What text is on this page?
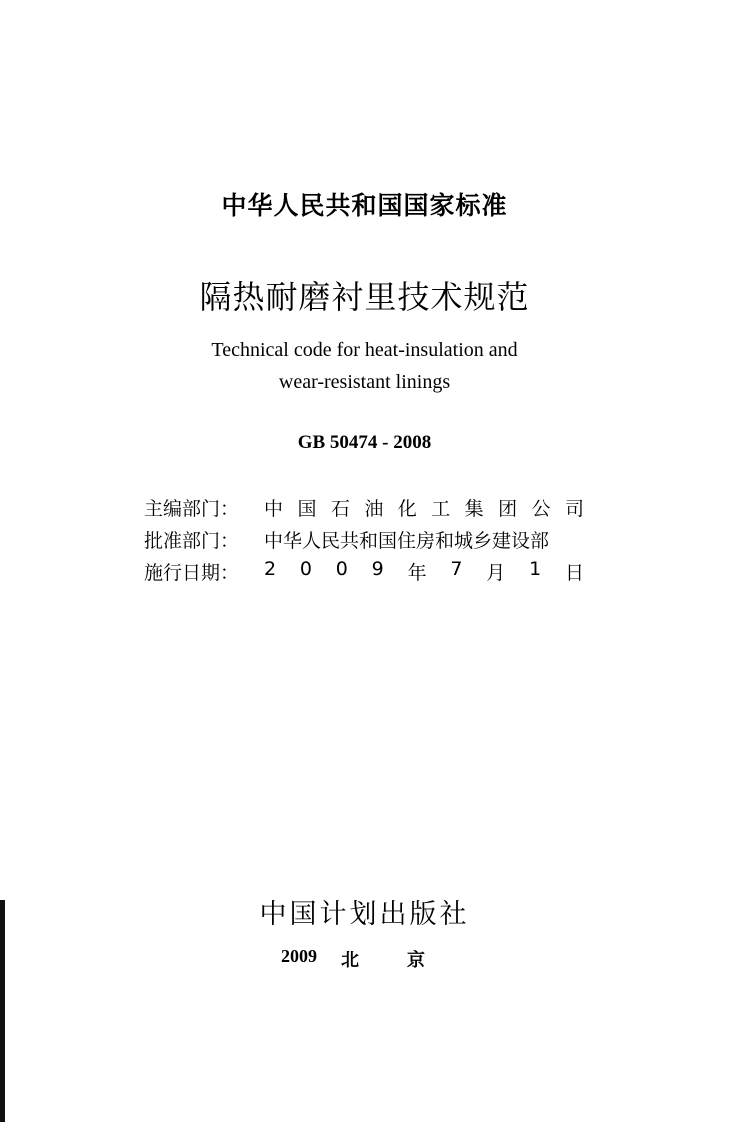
中华人民共和国国家标准
隔热耐磨衬里技术规范
Technical code for heat-insulation and
wear-resistant linings
GB 50474 - 2008
主编部门：	中 国 石 油 化 工 集 团 公 司
批准部门：	中华人民共和国住房和城乡建设部
施行日期：	2 0 0 9 年 7 月 1 日
中国计划出版社
2009	北	京
